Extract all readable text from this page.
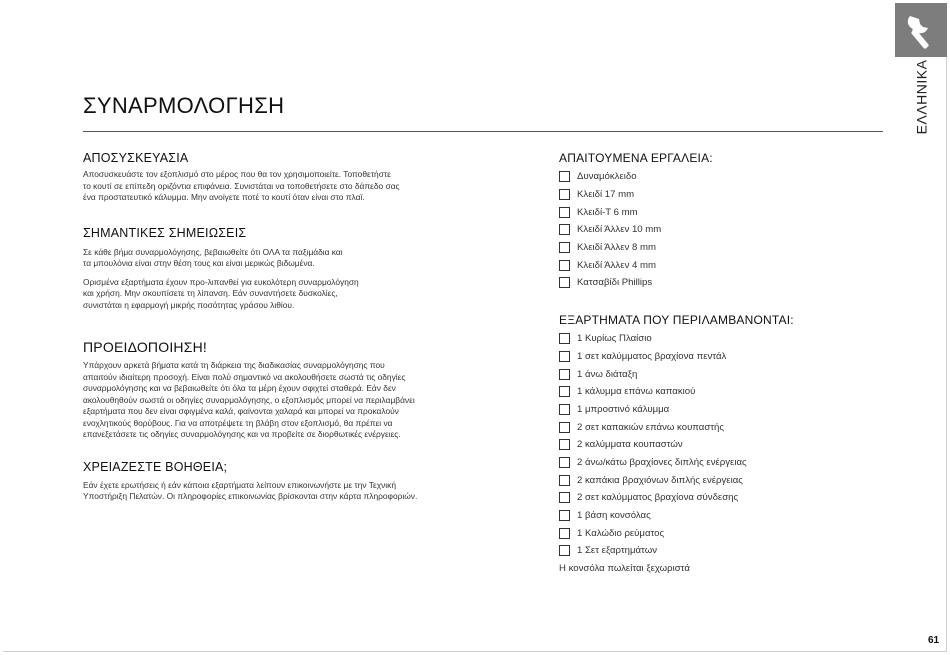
ΕΛΛΗΝΙΚΑ
ΣΥΝΑΡΜΟΛΟΓΗΣΗ
ΑΠΟΣΥΣΚΕΥΑΣΙΑ

Αποσυσκευάστε τον εξοπλισμό στο μέρος που θα τον χρησιμοποιείτε. Τοποθετήστε
το κουτί σε επίπεδη οριζόντια επιφάνεια. Συνιστάται να τοποθετήσετε στο δάπεδο σας
ένα προστατευτικό κάλυμμα. Μην ανοίγετε ποτέ το κουτί όταν είναι στο πλαϊ.

ΣΗΜΑΝΤΙΚΕΣ ΣΗΜΕΙΩΣΕΙΣ

Σε κάθε βήμα συναρμολόγησης, βεβαιωθείτε ότι ΟΛΑ τα παξιμάδια και
τα μπουλόνια είναι στην θέση τους και είναι μερικώς βιδωμένα.

Ορισμένα εξαρτήματα έχουν προ-λιπανθεί για ευκολότερη συναρμολόγηση
και χρήση. Μην σκουπίσετε τη λίπανση. Εάν συναντήσετε δυσκολίες,
συνιστάται η εφαρμογή μικρής ποσότητας γράσου λιθίου.

ΠΡΟΕΙΔΟΠΟΙΗΣΗ!

Υπάρχουν αρκετά βήματα κατά τη διάρκεια της διαδικασίας συναρμολόγησης που
απαιτούν ιδιαίτερη προσοχή. Είναι πολύ σημαντικό να ακολουθήσετε σωστά τις οδηγίες
συναρμολόγησης και να βεβαιωθείτε ότι όλα τα μέρη έχουν σφιχτεί σταθερά. Εάν δεν
ακολουθηθούν σωστά οι οδηγίες συναρμολόγησης, ο εξοπλισμός μπορεί να περιλαμβάνει
εξαρτήματα που δεν είναι σφιγμένα καλά, φαίνονται χαλαρά και μπορεί να προκαλούν
ενοχλητικούς θορύβους. Για να αποτρέψετε τη βλάβη στον εξοπλισμό, θα πρέπει να
επανεξετάσετε τις οδηγίες συναρμολόγησης και να προβείτε σε διορθωτικές ενέργειες.

ΧΡΕΙΑΖΕΣΤΕ ΒΟΗΘΕΙΑ;

Εάν έχετε ερωτήσεις ή εάν κάποια εξαρτήματα λείπουν επικοινωνήστε με την Τεχνική
Υποστήριξη Πελατών. Οι πληροφορίες επικοινωνίας βρίσκονται στην κάρτα πληροφοριών.

ΑΠΑΙΤΟΥΜΕΝΑ ΕΡΓΑΛΕΙΑ:
Δυναμόκλειδο
Κλειδί 17 mm
Κλειδί-Τ 6 mm
Κλειδί Άλλεν 10 mm
Κλειδί Άλλεν 8 mm
Κλειδί Άλλεν 4 mm
Κατσαβίδι Phillips
ΕΞΑΡΤΗΜΑΤΑ ΠΟΥ ΠΕΡΙΛΑΜΒΑΝΟΝΤΑΙ:
1 Κυρίως Πλαίσιο
1 σετ καλύμματος βραχίονα πεντάλ
1 άνω διάταξη
1 κάλυμμα επάνω καπακιού
1 μπροστινό κάλυμμα
2 σετ καπακιών επάνω κουπαστής
2 καλύμματα κουπαστών
2 άνω/κάτω βραχίονες διπλής ενέργειας
2 καπάκια βραχιόνων διπλής ενέργειας
2 σετ καλύμματος βραχίονα σύνδεσης
1 βάση κονσόλας
1 Καλώδιο ρεύματος
1 Σετ εξαρτημάτων
Η κονσόλα πωλείται ξεχωριστά
61
